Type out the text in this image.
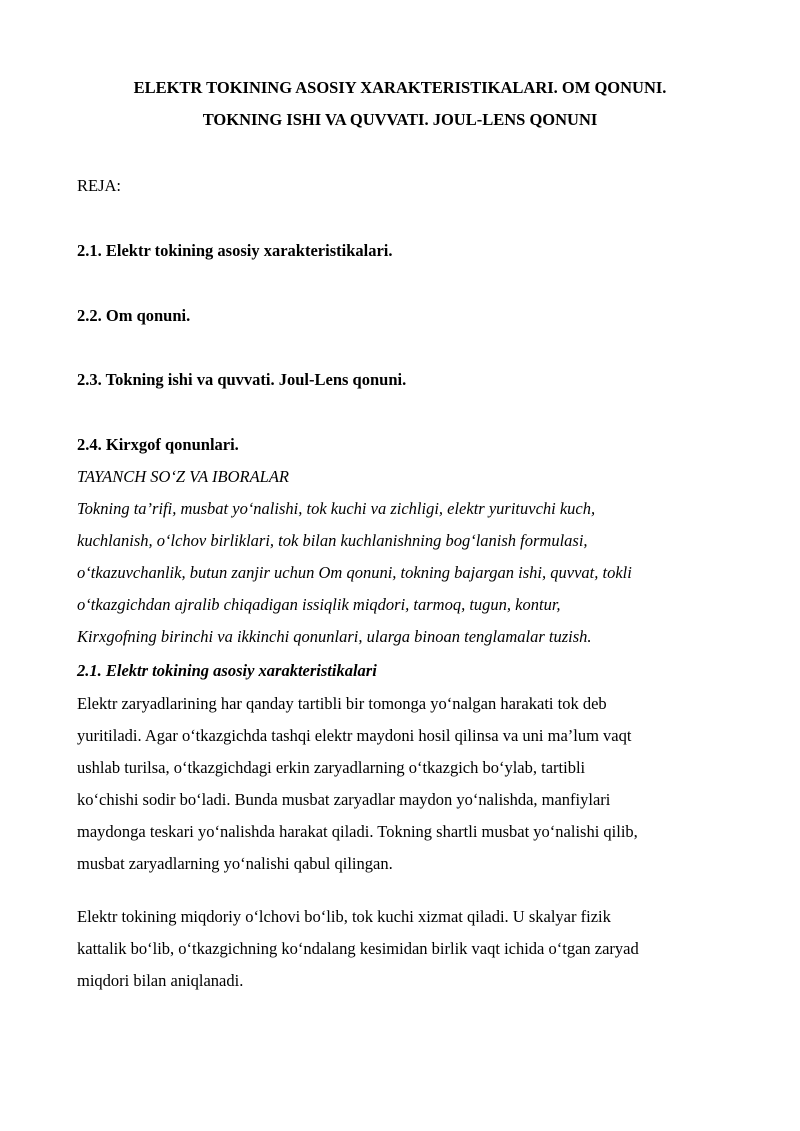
ELEKTR TOKINING ASOSIY XARAKTERISTIKALARI. OM QONUNI.
TOKNING ISHI VA QUVVATI. JOUL-LENS QONUNI
REJA:
2.1. Elektr tokining asosiy xarakteristikalari.
2.2. Om qonuni.
2.3. Tokning ishi va quvvati. Joul-Lens qonuni.
2.4. Kirxgof qonunlari.
TAYANCH SO‘Z VA IBORALAR
Tokning ta’rifi, musbat yo‘nalishi, tok kuchi va zichligi, elektr yurituvchi kuch,
kuchlanish, o‘lchov birliklari, tok bilan kuchlanishning bog‘lanish formulasi,
o‘tkazuvchanlik, butun zanjir uchun Om qonuni, tokning bajargan ishi, quvvat, tokli
o‘tkazgichdan ajralib chiqadigan issiqlik miqdori, tarmoq, tugun, kontur,
Kirxgofning birinchi va ikkinchi qonunlari, ularga binoan tenglamalar tuzish.
2.1. Elektr tokining asosiy xarakteristikalari
Elektr zaryadlarining har qanday tartibli bir tomonga yo‘nalgan harakati tok deb
yuritiladi. Agar o‘tkazgichda tashqi elektr maydoni hosil qilinsa va uni ma’lum vaqt
ushlab turilsa, o‘tkazgichdagi erkin zaryadlarning o‘tkazgich bo‘ylab, tartibli
ko‘chishi sodir bo‘ladi. Bunda musbat zaryadlar maydon yo‘nalishda, manfiylari
maydonga teskari yo‘nalishda harakat qiladi. Tokning shartli musbat yo‘nalishi qilib,
musbat zaryadlarning yo‘nalishi qabul qilingan.
Elektr tokining miqdoriy o‘lchovi bo‘lib, tok kuchi xizmat qiladi. U skalyar fizik
kattalik bo‘lib, o‘tkazgichning ko‘ndalang kesimidan birlik vaqt ichida o‘tgan zaryad
miqdori bilan aniqlanadi.
